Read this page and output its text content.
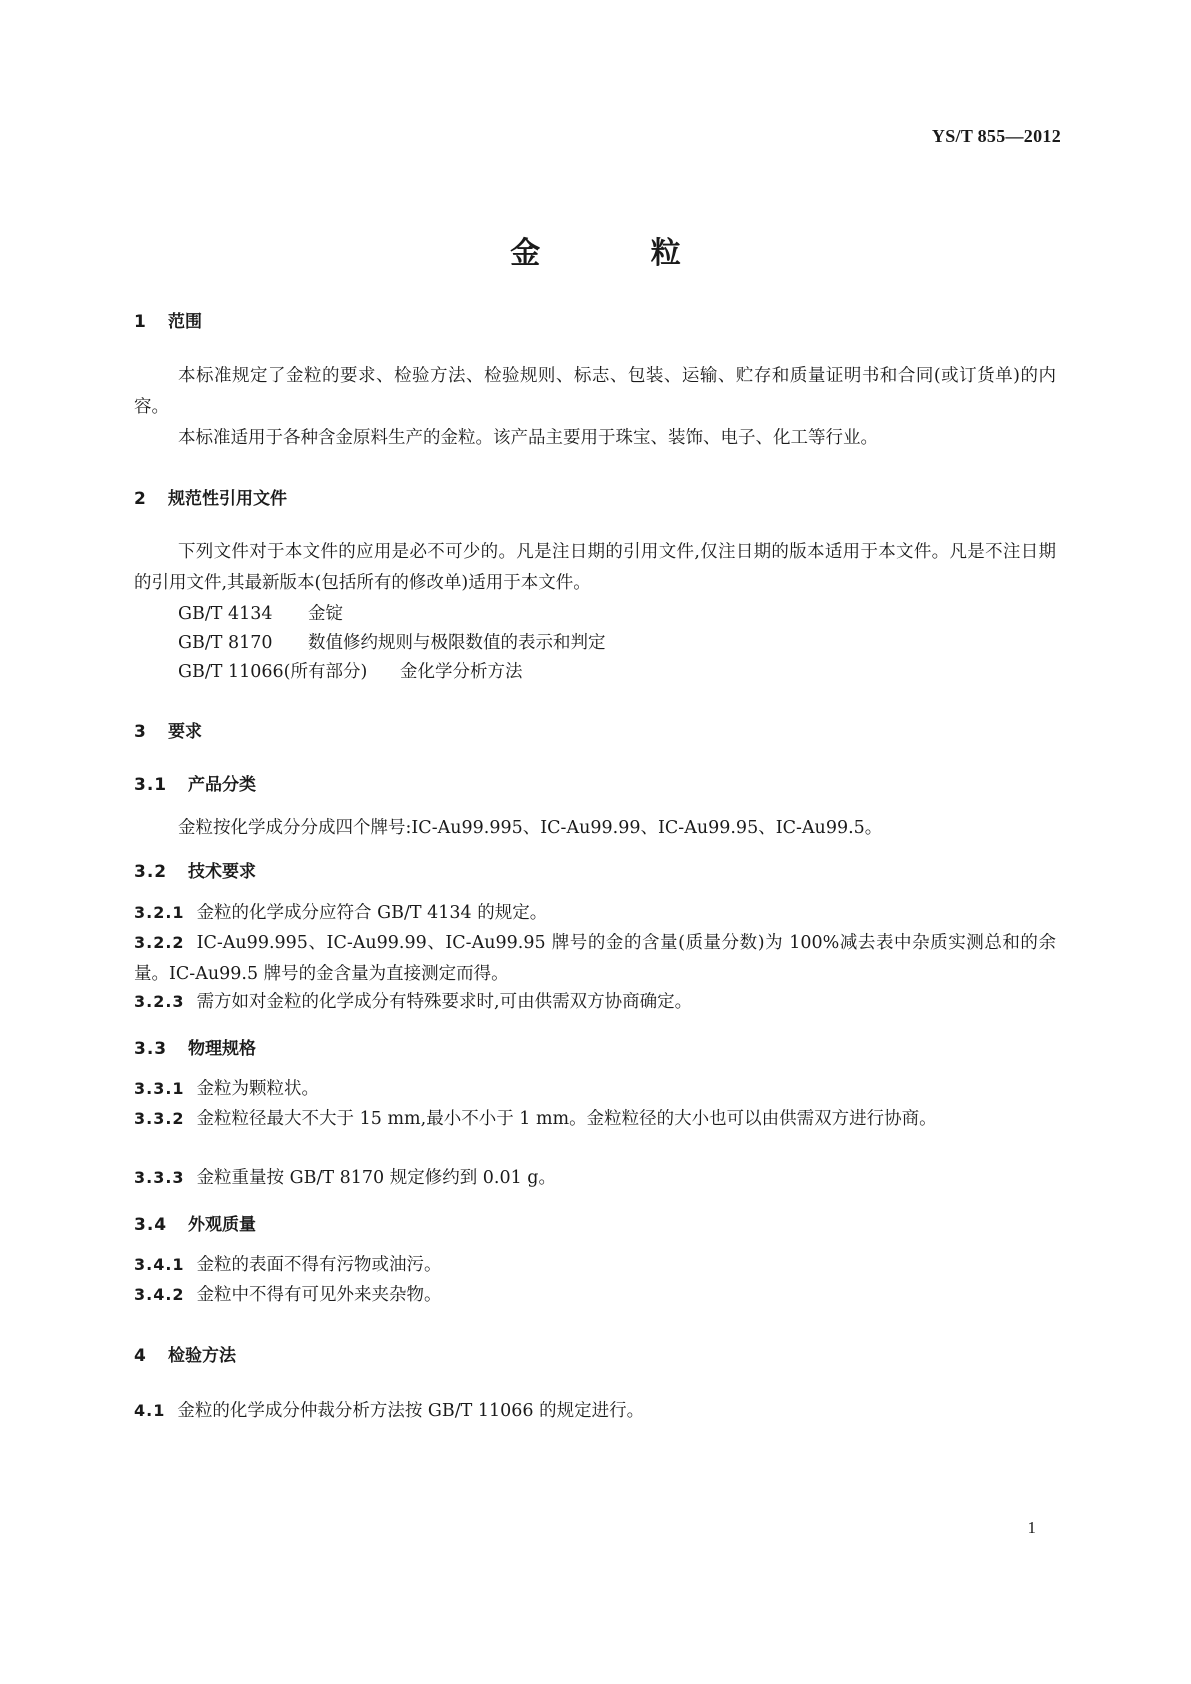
YS/T 855—2012
金 粒
1 范围
本标准规定了金粒的要求、检验方法、检验规则、标志、包装、运输、贮存和质量证明书和合同(或订货单)的内容。
本标准适用于各种含金原料生产的金粒。该产品主要用于珠宝、装饰、电子、化工等行业。
2 规范性引用文件
下列文件对于本文件的应用是必不可少的。凡是注日期的引用文件,仅注日期的版本适用于本文件。凡是不注日期的引用文件,其最新版本(包括所有的修改单)适用于本文件。
GB/T 4134 金锭
GB/T 8170 数值修约规则与极限数值的表示和判定
GB/T 11066(所有部分) 金化学分析方法
3 要求
3.1 产品分类
金粒按化学成分分成四个牌号:IC-Au99.995、IC-Au99.99、IC-Au99.95、IC-Au99.5。
3.2 技术要求
3.2.1 金粒的化学成分应符合 GB/T 4134 的规定。
3.2.2 IC-Au99.995、IC-Au99.99、IC-Au99.95 牌号的金的含量(质量分数)为 100%减去表中杂质实测总和的余量。IC-Au99.5 牌号的金含量为直接测定而得。
3.2.3 需方如对金粒的化学成分有特殊要求时,可由供需双方协商确定。
3.3 物理规格
3.3.1 金粒为颗粒状。
3.3.2 金粒粒径最大不大于 15 mm,最小不小于 1 mm。金粒粒径的大小也可以由供需双方进行协商。
3.3.3 金粒重量按 GB/T 8170 规定修约到 0.01 g。
3.4 外观质量
3.4.1 金粒的表面不得有污物或油污。
3.4.2 金粒中不得有可见外来夹杂物。
4 检验方法
4.1 金粒的化学成分仲裁分析方法按 GB/T 11066 的规定进行。
1
